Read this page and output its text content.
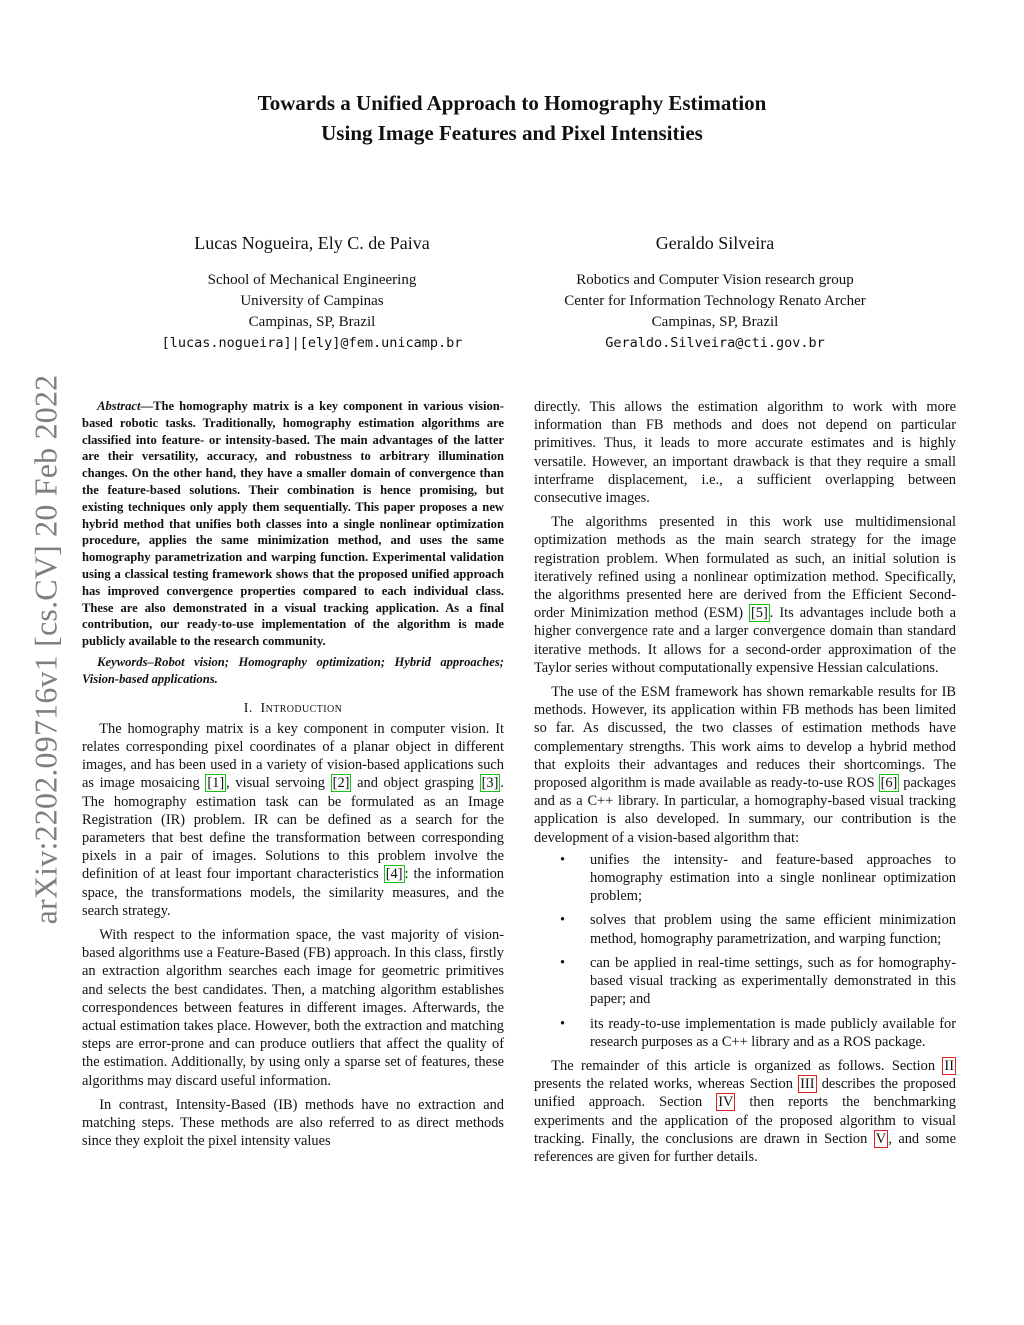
arXiv:2202.09716v1 [cs.CV] 20 Feb 2022
Towards a Unified Approach to Homography Estimation
Using Image Features and Pixel Intensities
Lucas Nogueira, Ely C. de Paiva
School of Mechanical Engineering
University of Campinas
Campinas, SP, Brazil
[lucas.nogueira]|[ely]@fem.unicamp.br
Geraldo Silveira
Robotics and Computer Vision research group
Center for Information Technology Renato Archer
Campinas, SP, Brazil
Geraldo.Silveira@cti.gov.br

Abstract—The homography matrix is a key component in various vision-based robotic tasks. Traditionally, homography estimation algorithms are classified into feature- or intensity-based. The main advantages of the latter are their versatility, accuracy, and robustness to arbitrary illumination changes. On the other hand, they have a smaller domain of convergence than the feature-based solutions. Their combination is hence promising, but existing techniques only apply them sequentially. This paper proposes a new hybrid method that unifies both classes into a single nonlinear optimization procedure, applies the same minimization method, and uses the same homography parametrization and warping function. Experimental validation using a classical testing framework shows that the proposed unified approach has improved convergence properties compared to each individual class. These are also demonstrated in a visual tracking application. As a final contribution, our ready-to-use implementation of the algorithm is made publicly available to the research community.

Keywords–Robot vision; Homography optimization; Hybrid approaches; Vision-based applications.

I. Introduction

The homography matrix is a key component in computer vision. It relates corresponding pixel coordinates of a planar object in different images, and has been used in a variety of vision-based applications such as image mosaicing [1] , visual servoing [2] and object grasping [3] . The homography estimation task can be formulated as an Image Registration (IR) problem. IR can be defined as a search for the parameters that best define the transformation between corresponding pixels in a pair of images. Solutions to this problem involve the definition of at least four important characteristics [4] : the information space, the transformations models, the similarity measures, and the search strategy.

With respect to the information space, the vast majority of vision-based algorithms use a Feature-Based (FB) approach. In this class, firstly an extraction algorithm searches each image for geometric primitives and selects the best candidates. Then, a matching algorithm establishes correspondences between features in different images. Afterwards, the actual estimation takes place. However, both the extraction and matching steps are error-prone and can produce outliers that affect the quality of the estimation. Additionally, by using only a sparse set of features, these algorithms may discard useful information.

In contrast, Intensity-Based (IB) methods have no extraction and matching steps. These methods are also referred to as direct methods since they exploit the pixel intensity values

directly. This allows the estimation algorithm to work with more information than FB methods and does not depend on particular primitives. Thus, it leads to more accurate estimates and is highly versatile. However, an important drawback is that they require a small interframe displacement, i.e., a sufficient overlapping between consecutive images.

The algorithms presented in this work use multidimensional optimization methods as the main search strategy for the image registration problem. When formulated as such, an initial solution is iteratively refined using a nonlinear optimization method. Specifically, the algorithms presented here are derived from the Efficient Second-order Minimization method (ESM) [5] . Its advantages include both a higher convergence rate and a larger convergence domain than standard iterative methods. It allows for a second-order approximation of the Taylor series without computationally expensive Hessian calculations.

The use of the ESM framework has shown remarkable results for IB methods. However, its application within FB methods has been limited so far. As discussed, the two classes of estimation methods have complementary strengths. This work aims to develop a hybrid method that exploits their advantages and reduces their shortcomings. The proposed algorithm is made available as ready-to-use ROS [6] packages and as a C++ library. In particular, a homography-based visual tracking application is also developed. In summary, our contribution is the development of a vision-based algorithm that:

• unifies the intensity- and feature-based approaches to homography estimation into a single nonlinear optimization problem;
• solves that problem using the same efficient minimization method, homography parametrization, and warping function;
• can be applied in real-time settings, such as for homography-based visual tracking as experimentally demonstrated in this paper; and
• its ready-to-use implementation is made publicly available for research purposes as a C++ library and as a ROS package.

The remainder of this article is organized as follows. Section II presents the related works, whereas Section III describes the proposed unified approach. Section IV then reports the benchmarking experiments and the application of the proposed algorithm to visual tracking. Finally, the conclusions are drawn in Section V , and some references are given for further details.
